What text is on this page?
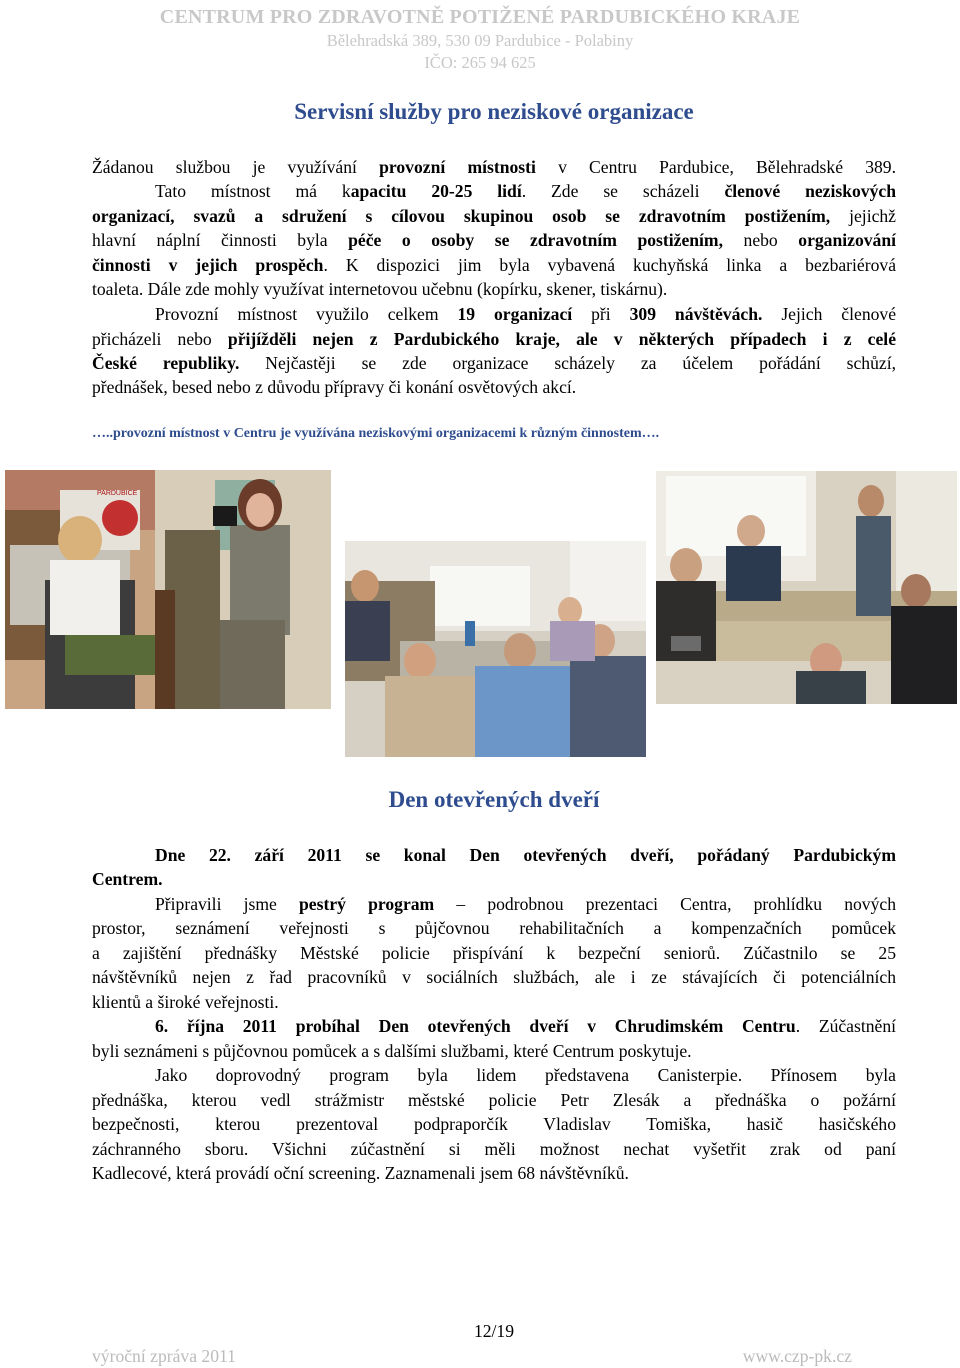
CENTRUM PRO ZDRAVOTNĚ POTIŽENÉ PARDUBICKÉHO KRAJE
Bělehradská 389, 530 09 Pardubice - Polabiny
IČO: 265 94 625
Servisní služby pro neziskové organizace
Žádanou službou je využívání provozní místnosti v Centru Pardubice, Bělehradské 389.
Tato místnost má kapacitu 20-25 lidí. Zde se scházeli členové neziskových
organizací, svazů a sdružení s cílovou skupinou osob se zdravotním postižením, jejichž
hlavní náplní činnosti byla péče o osoby se zdravotním postižením, nebo organizování
činnosti v jejich prospěch. K dispozici jim byla vybavená kuchyňská linka a bezbariérová
toaleta. Dále zde mohly využívat internetovou učebnu (kopírku, skener, tiskárnu).
Provozní místnost využilo celkem 19 organizací při 309 návštěvách. Jejich členové
přicházeli nebo přijížděli nejen z Pardubického kraje, ale v některých případech i z celé
České republiky. Nejčastěji se zde organizace scházely za účelem pořádání schůzí,
přednášek, besed nebo z důvodu přípravy či konání osvětových akcí.
…..provozní místnost v Centru je využívána neziskovými organizacemi k různým činnostem….
PARDUBICE
Den otevřených dveří
Dne 22. září 2011 se konal Den otevřených dveří, pořádaný Pardubickým
Centrem.
Připravili jsme pestrý program – podrobnou prezentaci Centra, prohlídku nových
prostor, seznámení veřejnosti s půjčovnou rehabilitačních a kompenzačních pomůcek
a zajištění přednášky Městské policie přispívání k bezpeční seniorů. Zúčastnilo se 25
návštěvníků nejen z řad pracovníků v sociálních službách, ale i ze stávajících či potenciálních
klientů a široké veřejnosti.
6. října 2011 probíhal Den otevřených dveří v Chrudimském Centru. Zúčastnění
byli seznámeni s půjčovnou pomůcek a s dalšími službami, které Centrum poskytuje.
Jako doprovodný program byla lidem představena Canisterpie. Přínosem byla
přednáška, kterou vedl strážmistr městské policie Petr Zlesák a přednáška o požární
bezpečnosti, kterou prezentoval podpraporčík Vladislav Tomiška, hasič hasičského
záchranného sboru. Všichni zúčastnění si měli možnost nechat vyšetřit zrak od paní
Kadlecové, která provádí oční screening. Zaznamenali jsem 68 návštěvníků.
12/19
výroční zpráva 2011	www.czp-pk.cz
